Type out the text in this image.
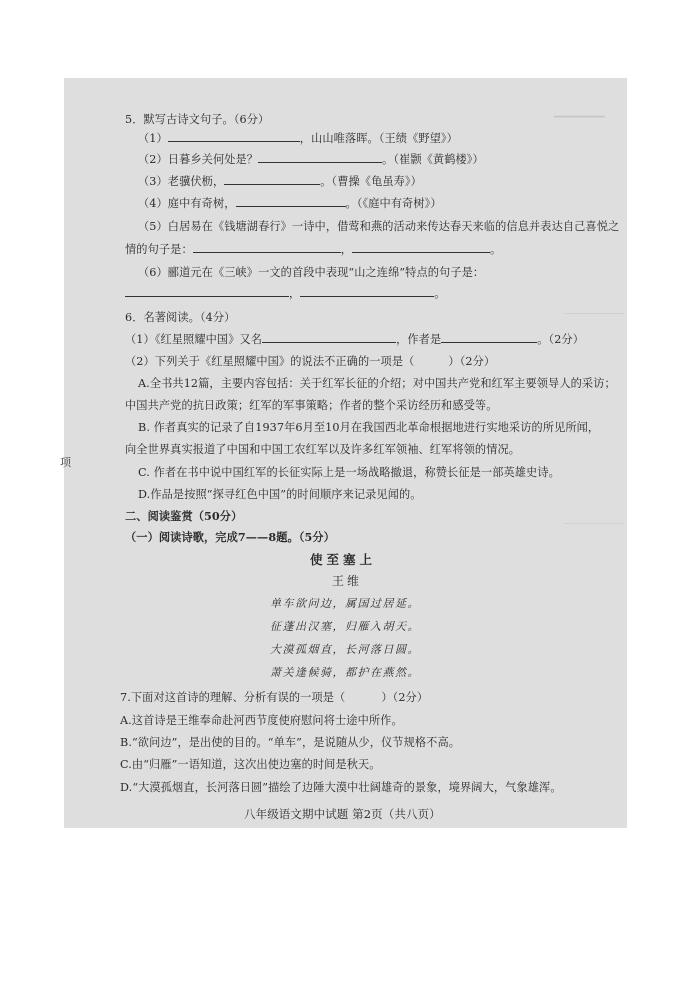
▔▔▔▔▔▔
5．默写古诗文句子。（6分）
（1）	，山山唯落晖。（王绩《野望》）
（2）日暮乡关何处是？	。（崔颢《黄鹤楼》）
（3）老骥伏枥，	。（曹操《龟虽寿》）
（4）庭中有奇树，	。（《庭中有奇树》）
（5）白居易在《钱塘湖春行》一诗中，借莺和燕的活动来传达春天来临的信息并表达自己喜悦之
情的句子是：	，	。
（6）郦道元在《三峡》一文的首段中表现“山之连绵”特点的句子是：
，	。
6．名著阅读。（4分）
（1）《红星照耀中国》又名	，作者是	。（2分）
（2）下列关于《红星照耀中国》的说法不正确的一项是（	）（2分）
A.全书共12篇，主要内容包括：关于红军长征的介绍；对中国共产党和红军主要领导人的采访；
中国共产党的抗日政策；红军的军事策略；作者的整个采访经历和感受等。
B. 作者真实的记录了自1937年6月至10月在我国西北革命根据地进行实地采访的所见所闻，
向全世界真实报道了中国和中国工农红军以及许多红军领袖、红军将领的情况。
C. 作者在书中说中国红军的长征实际上是一场战略撤退，称赞长征是一部英雄史诗。
D.作品是按照“探寻红色中国”的时间顺序来记录见闻的。
二、阅读鉴赏（50分）
（一）阅读诗歌，完成7——8题。（5分）
使至塞上
王维
单车欲问边，属国过居延。
征蓬出汉塞，归雁入胡天。
大漠孤烟直，长河落日圆。
萧关逢候骑，都护在燕然。
7.下面对这首诗的理解、分析有误的一项是（	）（2分）
A.这首诗是王维奉命赴河西节度使府慰问将士途中所作。
B.“欲问边”，是出使的目的。“单车”，是说随从少，仪节规格不高。
C.由“归雁”一语知道，这次出使边塞的时间是秋天。
D.“大漠孤烟直，长河落日圆”描绘了边陲大漠中壮阔雄奇的景象，境界阔大，气象雄浑。
八年级语文期中试题 第2页（共八页）
项
